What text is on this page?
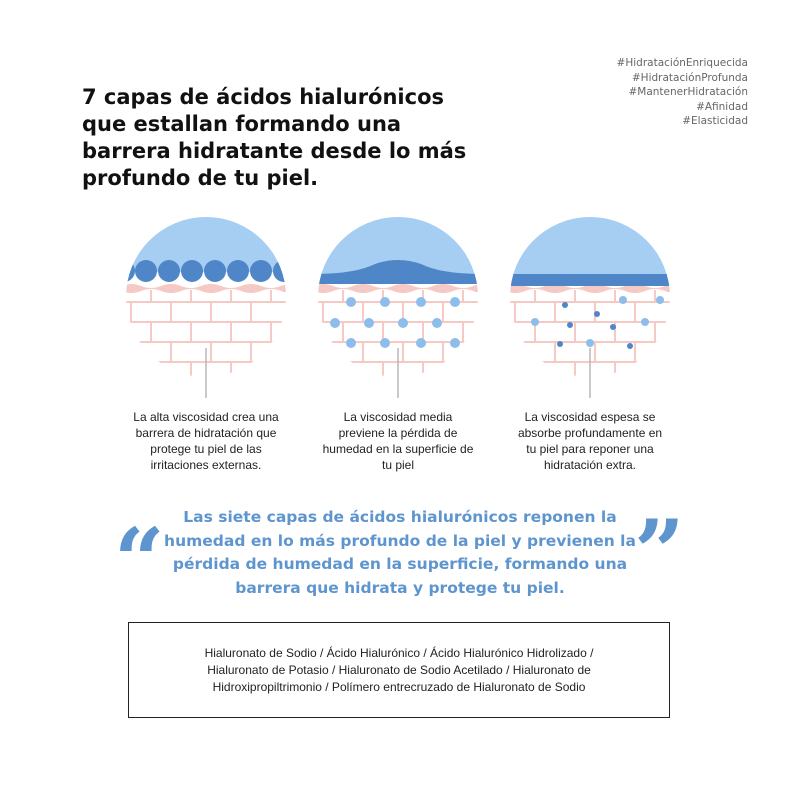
7 capas de ácidos hialurónicos
que estallan formando una
barrera hidratante desde lo más
profundo de tu piel.
#HidrataciónEnriquecida
#HidrataciónProfunda
#MantenerHidratación
#Afinidad
#Elasticidad
La alta viscosidad crea una
barrera de hidratación que
protege tu piel de las
irritaciones externas.
La viscosidad media
previene la pérdida de
humedad en la superficie de
tu piel
La viscosidad espesa se
absorbe profundamente en
tu piel para reponer una
hidratación extra.
“	”
Las siete capas de ácidos hialurónicos reponen la
humedad en lo más profundo de la piel y previenen la
pérdida de humedad en la superficie, formando una
barrera que hidrata y protege tu piel.
Hialuronato de Sodio / Ácido Hialurónico / Ácido Hialurónico Hidrolizado /
Hialuronato de Potasio / Hialuronato de Sodio Acetilado / Hialuronato de
Hidroxipropiltrimonio / Polímero entrecruzado de Hialuronato de Sodio
